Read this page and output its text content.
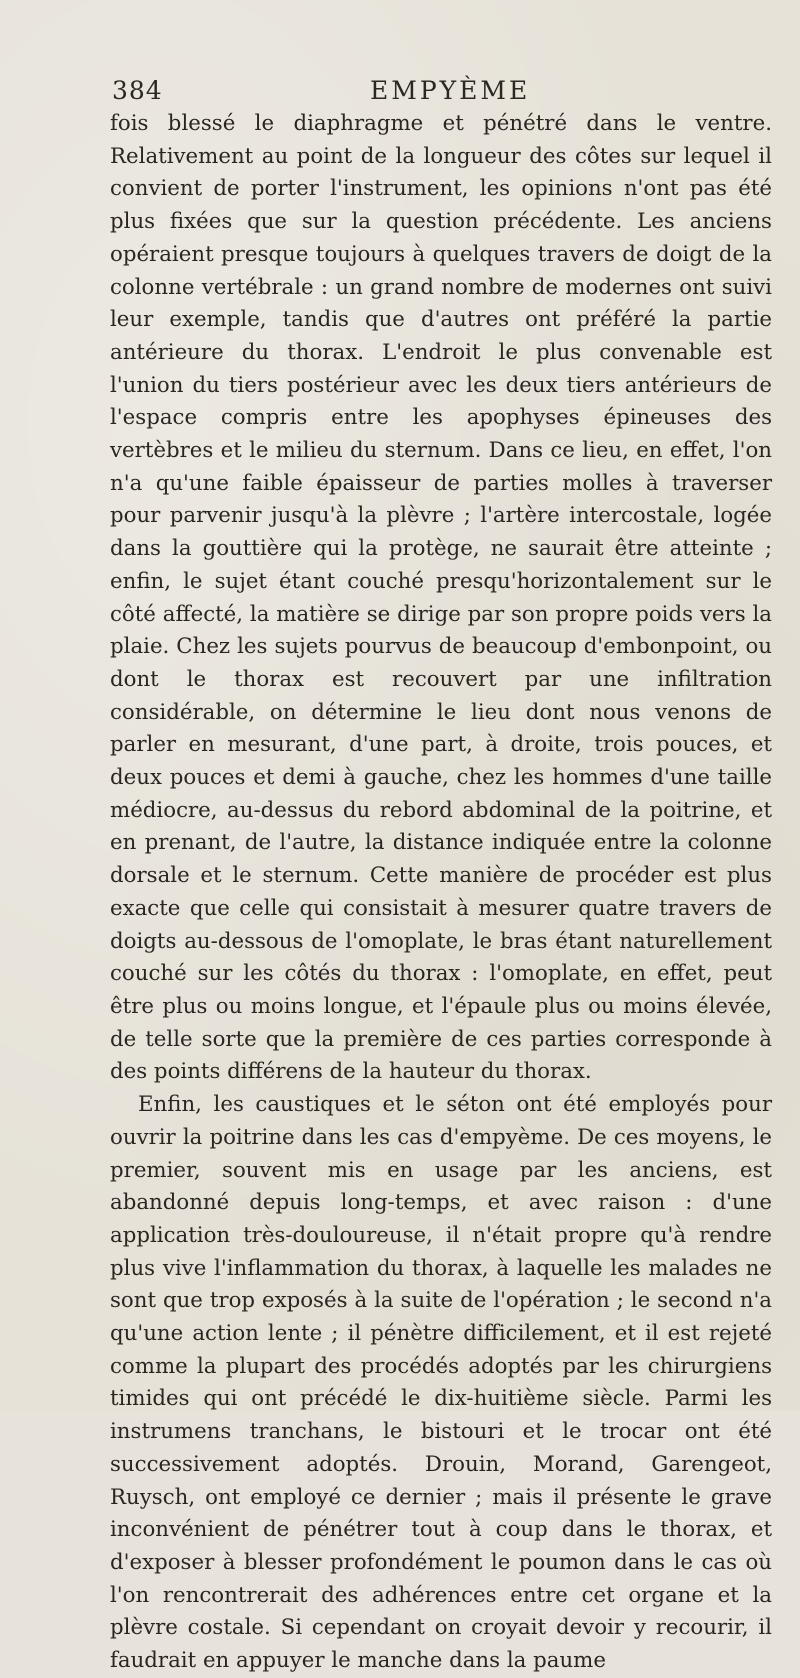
384	EMPYÈME

fois blessé le diaphragme et pénétré dans le ventre. Relativement au point de la longueur des côtes sur lequel il convient de porter l'instrument, les opinions n'ont pas été plus fixées que sur la question précédente. Les anciens opéraient presque toujours à quelques travers de doigt de la colonne vertébrale : un grand nombre de modernes ont suivi leur exemple, tandis que d'autres ont préféré la partie antérieure du thorax. L'endroit le plus convenable est l'union du tiers postérieur avec les deux tiers antérieurs de l'espace compris entre les apophyses épineuses des vertèbres et le milieu du sternum. Dans ce lieu, en effet, l'on n'a qu'une faible épaisseur de parties molles à traverser pour parvenir jusqu'à la plèvre ; l'artère intercostale, logée dans la gouttière qui la protège, ne saurait être atteinte ; enfin, le sujet étant couché presqu'horizontalement sur le côté affecté, la matière se dirige par son propre poids vers la plaie. Chez les sujets pourvus de beaucoup d'embonpoint, ou dont le thorax est recouvert par une infiltration considérable, on détermine le lieu dont nous venons de parler en mesurant, d'une part, à droite, trois pouces, et deux pouces et demi à gauche, chez les hommes d'une taille médiocre, au-dessus du rebord abdominal de la poitrine, et en prenant, de l'autre, la distance indiquée entre la colonne dorsale et le sternum. Cette manière de procéder est plus exacte que celle qui consistait à mesurer quatre travers de doigts au-dessous de l'omoplate, le bras étant naturellement couché sur les côtés du thorax : l'omoplate, en effet, peut être plus ou moins longue, et l'épaule plus ou moins élevée, de telle sorte que la première de ces parties corresponde à des points différens de la hauteur du thorax.

Enfin, les caustiques et le séton ont été employés pour ouvrir la poitrine dans les cas d'empyème. De ces moyens, le premier, souvent mis en usage par les anciens, est abandonné depuis long-temps, et avec raison : d'une application très-douloureuse, il n'était propre qu'à rendre plus vive l'inflammation du thorax, à laquelle les malades ne sont que trop exposés à la suite de l'opération ; le second n'a qu'une action lente ; il pénètre difficilement, et il est rejeté comme la plupart des procédés adoptés par les chirurgiens timides qui ont précédé le dix-huitième siècle. Parmi les instrumens tranchans, le bistouri et le trocar ont été successivement adoptés. Drouin, Morand, Garengeot, Ruysch, ont employé ce dernier ; mais il présente le grave inconvénient de pénétrer tout à coup dans le thorax, et d'exposer à blesser profondément le poumon dans le cas où l'on rencontrerait des adhérences entre cet organe et la plèvre costale. Si cependant on croyait devoir y recourir, il faudrait en appuyer le manche dans la paume
